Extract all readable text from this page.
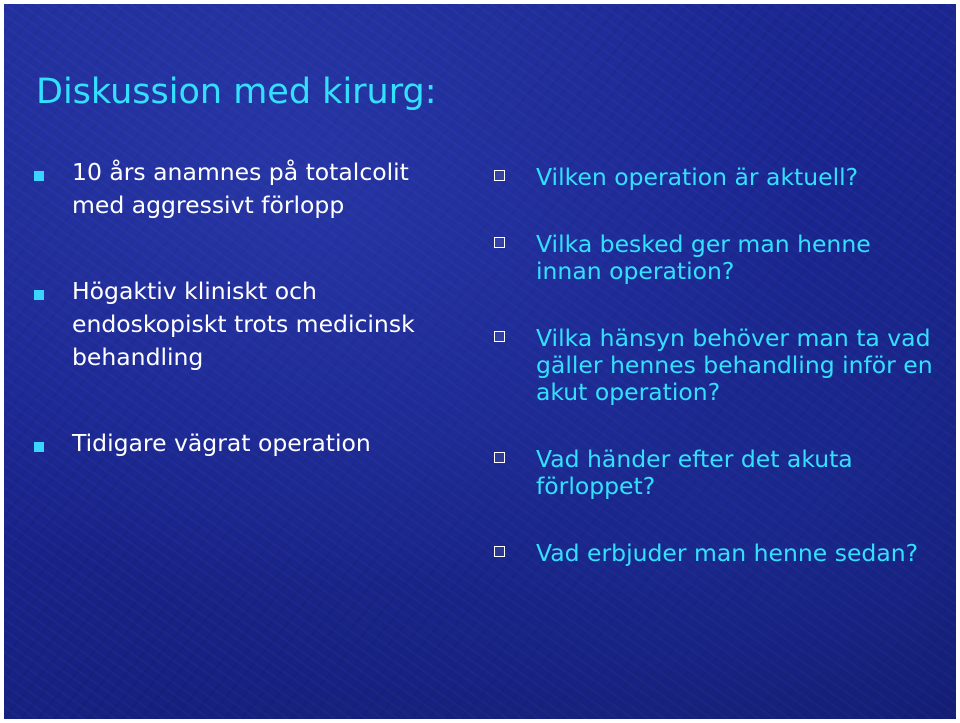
Diskussion med kirurg:
10 års anamnes på totalcolit med aggressivt förlopp
Högaktiv kliniskt och endoskopiskt trots medicinsk behandling
Tidigare vägrat operation
Vilken operation är aktuell?
Vilka besked ger man henne innan operation?
Vilka hänsyn behöver man ta vad gäller hennes behandling inför en akut operation?
Vad händer efter det akuta förloppet?
Vad erbjuder man henne sedan?
